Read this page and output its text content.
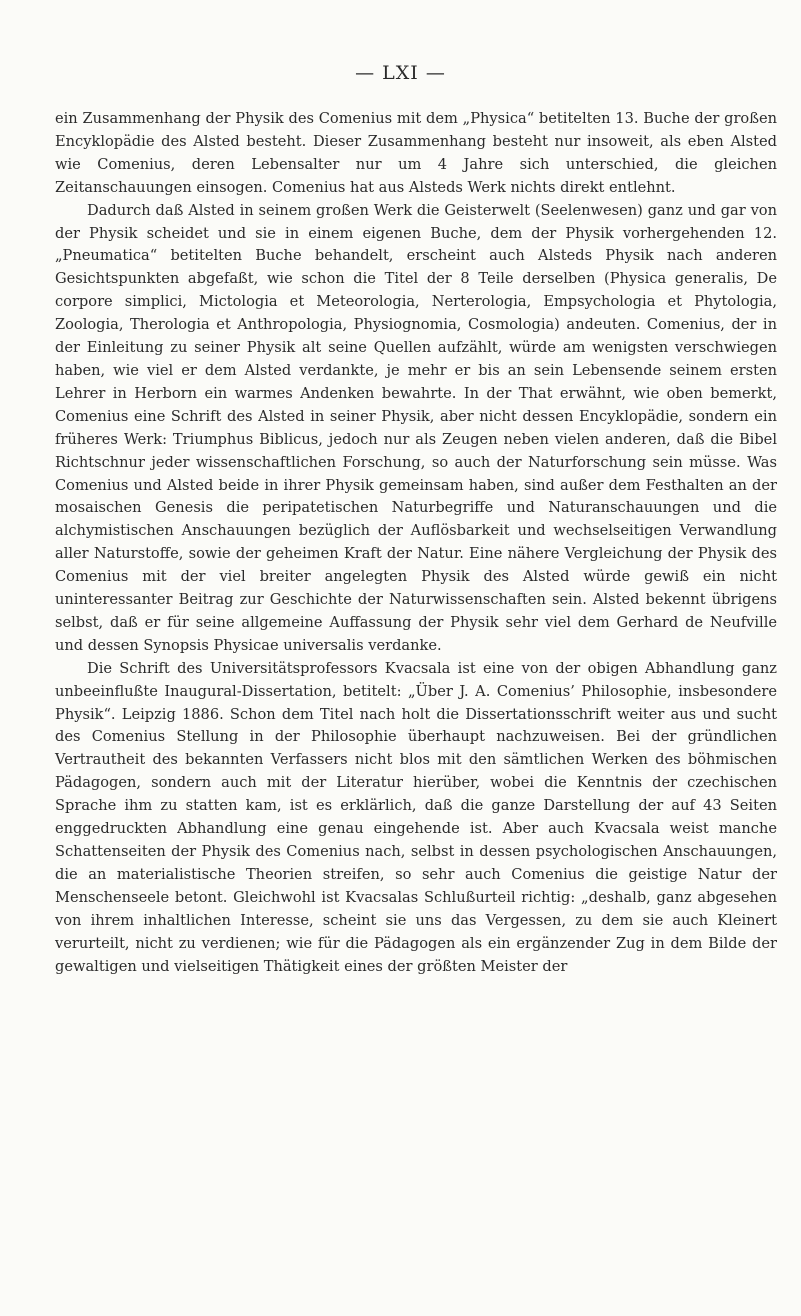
— LXI —

ein Zusammenhang der Physik des Comenius mit dem „Physica“ betitelten 13. Buche der großen Encyklopädie des Alsted besteht. Dieser Zusammenhang besteht nur insoweit, als eben Alsted wie Comenius, deren Lebensalter nur um 4 Jahre sich unterschied, die gleichen Zeitanschauungen einsogen. Comenius hat aus Alsteds Werk nichts direkt entlehnt.

Dadurch daß Alsted in seinem großen Werk die Geisterwelt (Seelenwesen) ganz und gar von der Physik scheidet und sie in einem eigenen Buche, dem der Physik vorhergehenden 12. „Pneumatica“ betitelten Buche behandelt, erscheint auch Alsteds Physik nach anderen Gesichtspunkten abgefaßt, wie schon die Titel der 8 Teile derselben (Physica generalis, De corpore simplici, Mictologia et Meteorologia, Nerterologia, Empsychologia et Phytologia, Zoologia, Therologia et Anthropologia, Physiognomia, Cosmologia) andeuten. Comenius, der in der Einleitung zu seiner Physik alt seine Quellen aufzählt, würde am wenigsten verschwiegen haben, wie viel er dem Alsted verdankte, je mehr er bis an sein Lebensende seinem ersten Lehrer in Herborn ein warmes Andenken bewahrte. In der That erwähnt, wie oben bemerkt, Comenius eine Schrift des Alsted in seiner Physik, aber nicht dessen Encyklopädie, sondern ein früheres Werk: Triumphus Biblicus, jedoch nur als Zeugen neben vielen anderen, daß die Bibel Richtschnur jeder wissenschaftlichen Forschung, so auch der Naturforschung sein müsse. Was Comenius und Alsted beide in ihrer Physik gemeinsam haben, sind außer dem Festhalten an der mosaischen Genesis die peripatetischen Naturbegriffe und Naturanschauungen und die alchymistischen Anschauungen bezüglich der Auflösbarkeit und wechselseitigen Verwandlung aller Naturstoffe, sowie der geheimen Kraft der Natur. Eine nähere Vergleichung der Physik des Comenius mit der viel breiter angelegten Physik des Alsted würde gewiß ein nicht uninteressanter Beitrag zur Geschichte der Naturwissenschaften sein. Alsted bekennt übrigens selbst, daß er für seine allgemeine Auffassung der Physik sehr viel dem Gerhard de Neufville und dessen Synopsis Physicae universalis verdanke.

Die Schrift des Universitätsprofessors Kvacsala ist eine von der obigen Abhandlung ganz unbeeinflußte Inaugural-Dissertation, betitelt: „Über J. A. Comenius’ Philosophie, insbesondere Physik“. Leipzig 1886. Schon dem Titel nach holt die Dissertationsschrift weiter aus und sucht des Comenius Stellung in der Philosophie überhaupt nachzuweisen. Bei der gründlichen Vertrautheit des bekannten Verfassers nicht blos mit den sämtlichen Werken des böhmischen Pädagogen, sondern auch mit der Literatur hierüber, wobei die Kenntnis der czechischen Sprache ihm zu statten kam, ist es erklärlich, daß die ganze Darstellung der auf 43 Seiten enggedruckten Abhandlung eine genau eingehende ist. Aber auch Kvacsala weist manche Schattenseiten der Physik des Comenius nach, selbst in dessen psychologischen Anschauungen, die an materialistische Theorien streifen, so sehr auch Comenius die geistige Natur der Menschenseele betont. Gleichwohl ist Kvacsalas Schlußurteil richtig: „deshalb, ganz abgesehen von ihrem inhaltlichen Interesse, scheint sie uns das Vergessen, zu dem sie auch Kleinert verurteilt, nicht zu verdienen; wie für die Pädagogen als ein ergänzender Zug in dem Bilde der gewaltigen und vielseitigen Thätigkeit eines der größten Meister der
